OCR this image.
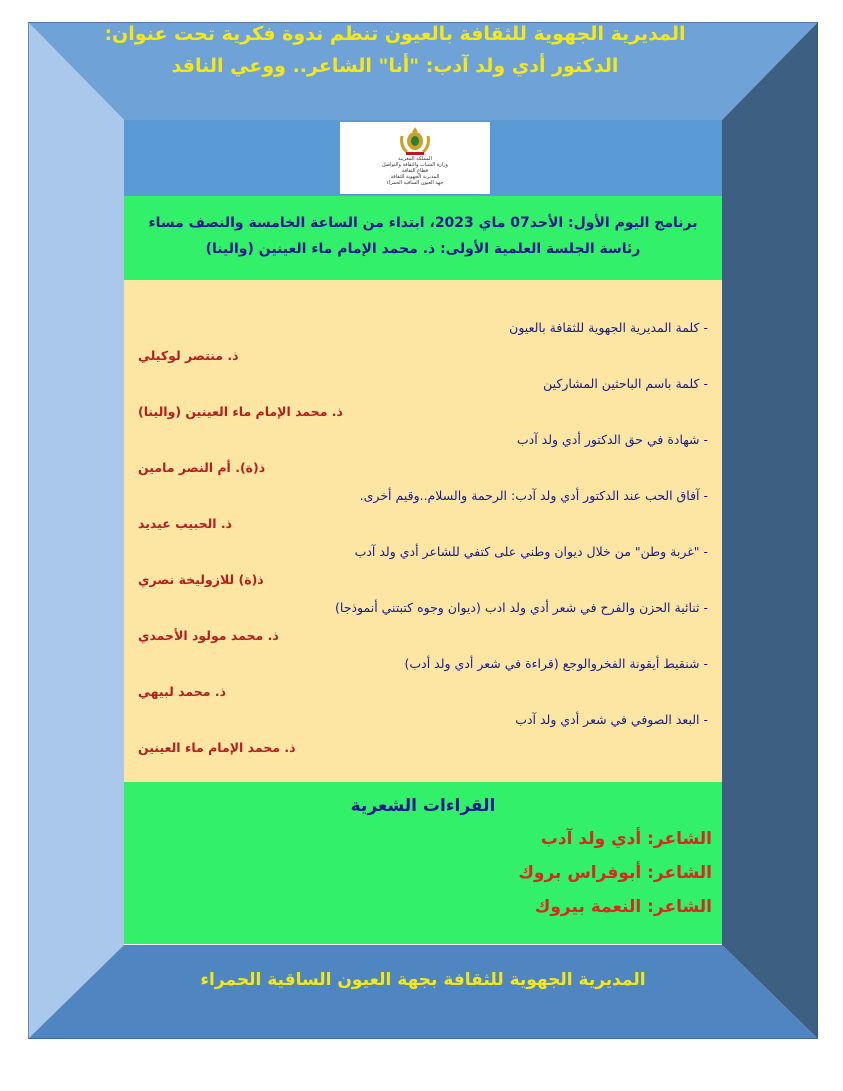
المديرية الجهوية للثقافة بالعيون تنظم ندوة فكرية تحت عنوان:
الدكتور أدي ولد آدب: "أنا" الشاعر.. ووعي الناقد
المملكة المغربية
وزارة الشباب والثقافة والتواصل
قطاع الثقافة
المديرية الجهوية للثقافة
جهة العيون الساقية الحمراء
برنامج اليوم الأول: الأحد07 ماي 2023، ابتداء من الساعة الخامسة والنصف مساء
رئاسة الجلسة العلمية الأولى: ذ. محمد الإمام ماء العينين (والينا)
- كلمة المديرية الجهوية للثقافة بالعيون
ذ. منتصر لوكيلي
- كلمة باسم الباحثين المشاركين
ذ. محمد الإمام ماء العينين (والينا)
- شهادة في حق الدكتور أدي ولد آدب
ذ(ة). أم النصر مامين
- آفاق الحب عند الدكتور أدي ولد آدب: الرحمة والسلام..وقيم أخرى.
ذ. الحبيب عيديد
- "غربة وطن" من خلال ديوان وطني على كتفي للشاعر أدي ولد آدب
ذ(ة) للازوليخة نصري
- ثنائية الحزن والفرح في شعر أدي ولد ادب (ديوان وجوه كتبتني أنموذجا)
ذ. محمد مولود الأحمدي
- شنقيط أيقونة الفخروالوجع (قراءة في شعر أدي ولد أدب)
ذ. محمد لبيهي
- البعد الصوفي في شعر أدي ولد آدب
ذ. محمد الإمام ماء العينين
القراءات الشعرية
الشاعر: أدي ولد آدب
الشاعر: أبوفراس بروك
الشاعر: النعمة بيروك
المديرية الجهوية للثقافة بجهة العيون الساقية الحمراء
